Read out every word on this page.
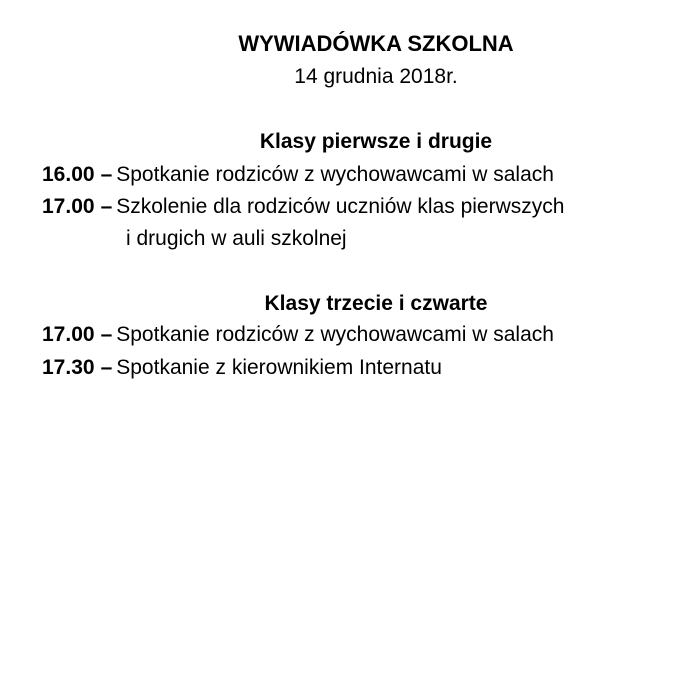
WYWIADÓWKA SZKOLNA
14 grudnia 2018r.
Klasy pierwsze i drugie
16.00 – Spotkanie rodziców z wychowawcami w salach
17.00 – Szkolenie dla rodziców uczniów klas pierwszych
i drugich w auli szkolnej
Klasy trzecie i czwarte
17.00 – Spotkanie rodziców z wychowawcami w salach
17.30 – Spotkanie z kierownikiem Internatu
